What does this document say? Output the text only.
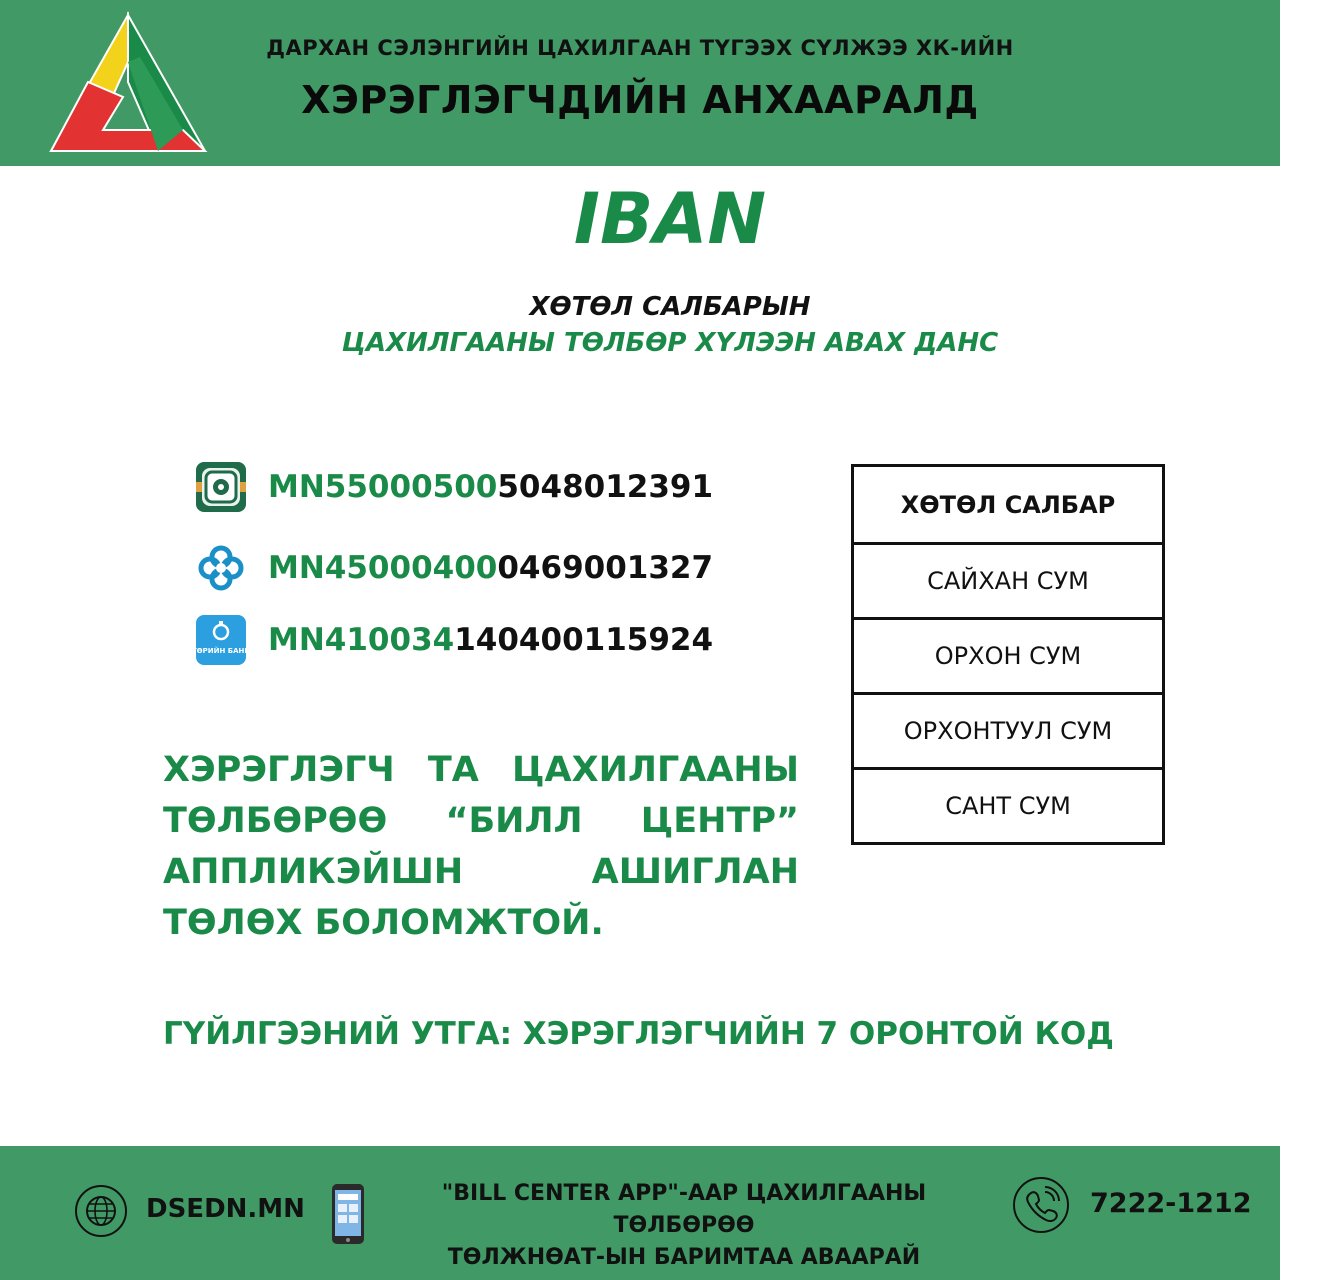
ДАРХАН СЭЛЭНГИЙН ЦАХИЛГААН ТҮГЭЭХ СҮЛЖЭЭ ХК-ИЙН
ХЭРЭГЛЭГЧДИЙН АНХААРАЛД
IBAN
ХӨТӨЛ САЛБАРЫН
ЦАХИЛГААНЫ ТӨЛБӨР ХҮЛЭЭН АВАХ ДАНС
MN550005005048012391
MN450004000469001327
ТӨРИЙН БАНК MN410034140400115924
ХӨТӨЛ САЛБАР
САЙХАН СУМ
ОРХОН СУМ
ОРХОНТУУЛ СУМ
САНТ СУМ
ХЭРЭГЛЭГЧ ТА ЦАХИЛГААНЫ ТӨЛБӨРӨӨ “БИЛЛ ЦЕНТР” АППЛИКЭЙШН АШИГЛАН ТӨЛӨХ БОЛОМЖТОЙ.
ГҮЙЛГЭЭНИЙ УТГА: ХЭРЭГЛЭГЧИЙН 7 ОРОНТОЙ КОД
DSEDN.MN
"BILL CENTER APP"-ААР ЦАХИЛГААНЫ ТӨЛБӨРӨӨ
ТӨЛЖНӨАТ-ЫН БАРИМТАА АВААРАЙ
7222-1212
